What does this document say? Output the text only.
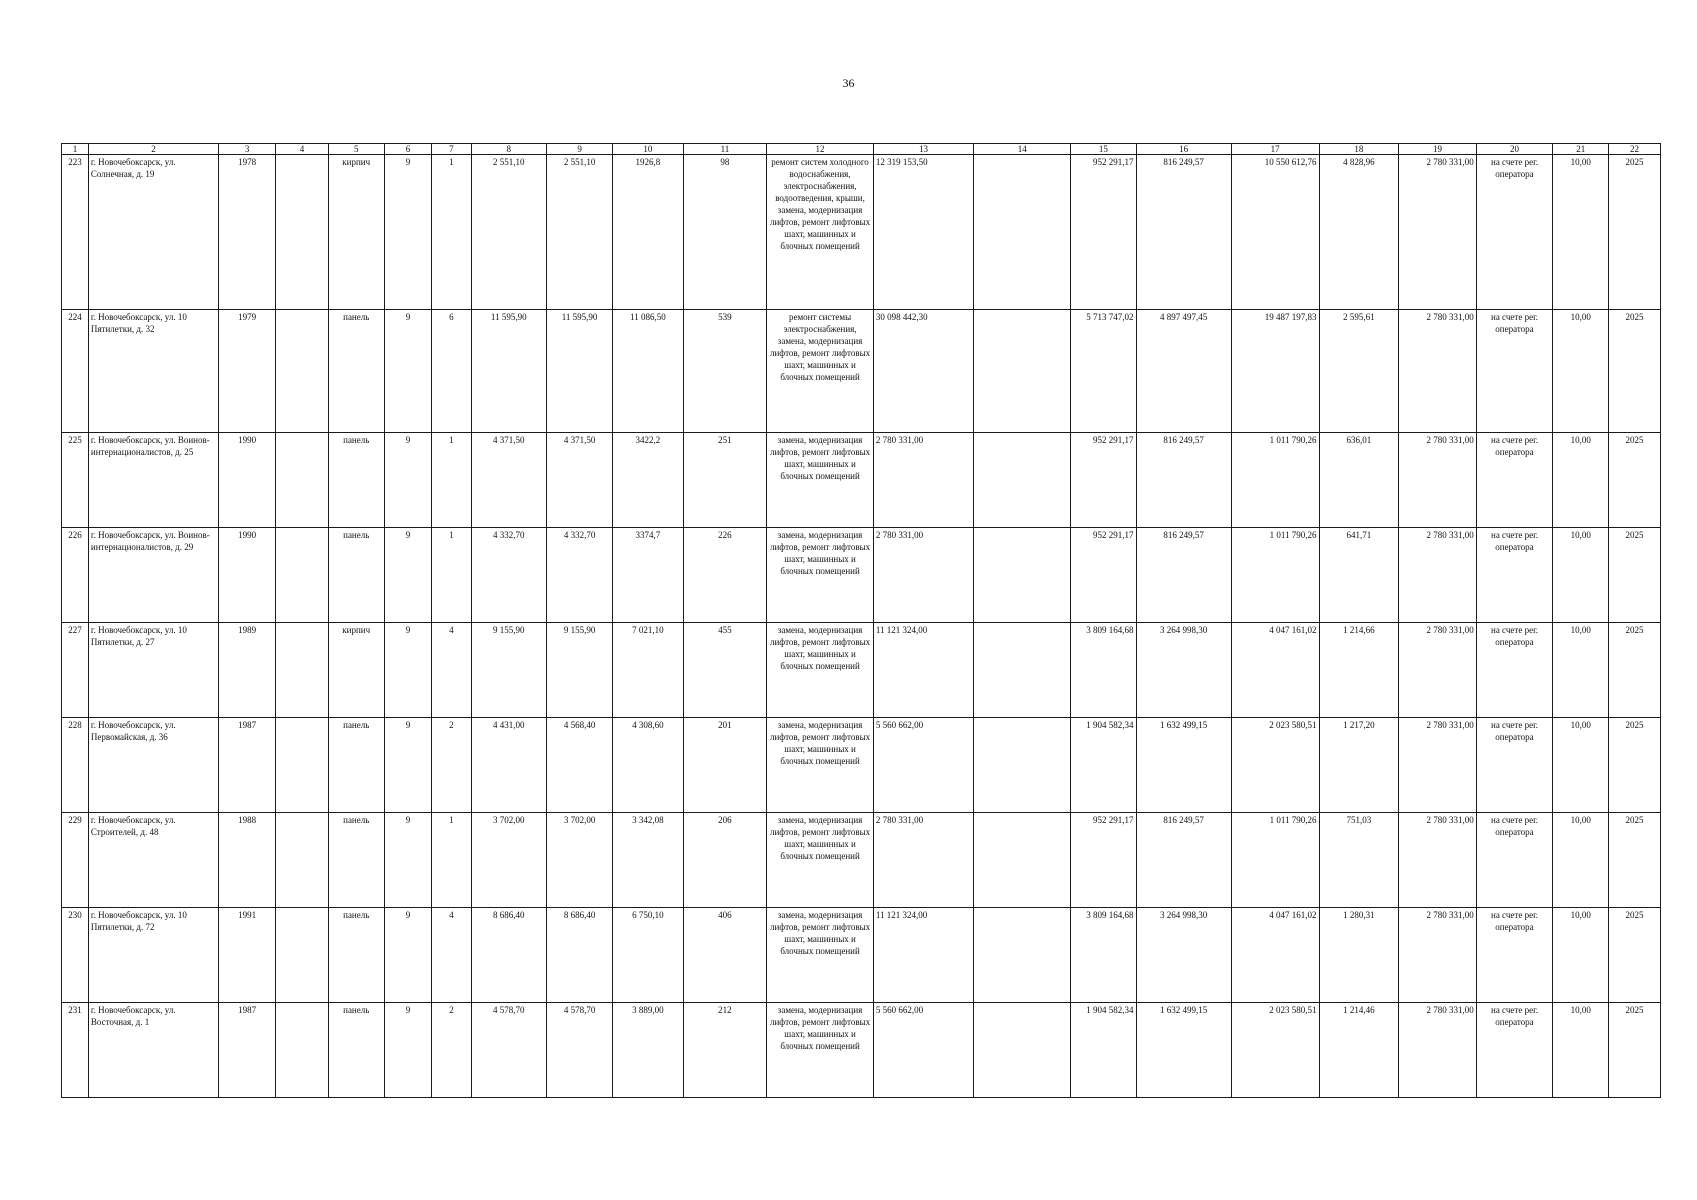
36
1	2	3	4	5	6	7	8	9	10	11	12	13	14	15	16	17	18	19	20	21	22
223	г. Новочебоксарск, ул. Солнечная, д. 19	1978		кирпич	9	1	2 551,10	2 551,10	1926,8	98	ремонт систем холодного водоснабжения, электроснабжения, водоотведения, крыши, замена, модернизация лифтов, ремонт лифтовых шахт, машинных и блочных помещений	12 319 153,50		952 291,17	816 249,57	10 550 612,76	4 828,96	2 780 331,00	на счете рег. оператора	10,00	2025
224	г. Новочебоксарск, ул. 10 Пятилетки, д. 32	1979		панель	9	6	11 595,90	11 595,90	11 086,50	539	ремонт системы электроснабжения, замена, модернизация лифтов, ремонт лифтовых шахт, машинных и блочных помещений	30 098 442,30		5 713 747,02	4 897 497,45	19 487 197,83	2 595,61	2 780 331,00	на счете рег. оператора	10,00	2025
225	г. Новочебоксарск, ул. Воинов-интернационалистов, д. 25	1990		панель	9	1	4 371,50	4 371,50	3422,2	251	замена, модернизация лифтов, ремонт лифтовых шахт, машинных и блочных помещений	2 780 331,00		952 291,17	816 249,57	1 011 790,26	636,01	2 780 331,00	на счете рег. оператора	10,00	2025
226	г. Новочебоксарск, ул. Воинов-интернационалистов, д. 29	1990		панель	9	1	4 332,70	4 332,70	3374,7	226	замена, модернизация лифтов, ремонт лифтовых шахт, машинных и блочных помещений	2 780 331,00		952 291,17	816 249,57	1 011 790,26	641,71	2 780 331,00	на счете рег. оператора	10,00	2025
227	г. Новочебоксарск, ул. 10 Пятилетки, д. 27	1989		кирпич	9	4	9 155,90	9 155,90	7 021,10	455	замена, модернизация лифтов, ремонт лифтовых шахт, машинных и блочных помещений	11 121 324,00		3 809 164,68	3 264 998,30	4 047 161,02	1 214,66	2 780 331,00	на счете рег. оператора	10,00	2025
228	г. Новочебоксарск, ул. Первомайская, д. 36	1987		панель	9	2	4 431,00	4 568,40	4 308,60	201	замена, модернизация лифтов, ремонт лифтовых шахт, машинных и блочных помещений	5 560 662,00		1 904 582,34	1 632 499,15	2 023 580,51	1 217,20	2 780 331,00	на счете рег. оператора	10,00	2025
229	г. Новочебоксарск, ул. Строителей, д. 48	1988		панель	9	1	3 702,00	3 702,00	3 342,08	206	замена, модернизация лифтов, ремонт лифтовых шахт, машинных и блочных помещений	2 780 331,00		952 291,17	816 249,57	1 011 790,26	751,03	2 780 331,00	на счете рег. оператора	10,00	2025
230	г. Новочебоксарск, ул. 10 Пятилетки, д. 72	1991		панель	9	4	8 686,40	8 686,40	6 750,10	406	замена, модернизация лифтов, ремонт лифтовых шахт, машинных и блочных помещений	11 121 324,00		3 809 164,68	3 264 998,30	4 047 161,02	1 280,31	2 780 331,00	на счете рег. оператора	10,00	2025
231	г. Новочебоксарск, ул. Восточная, д. 1	1987		панель	9	2	4 578,70	4 578,70	3 889,00	212	замена, модернизация лифтов, ремонт лифтовых шахт, машинных и блочных помещений	5 560 662,00		1 904 582,34	1 632 499,15	2 023 580,51	1 214,46	2 780 331,00	на счете рег. оператора	10,00	2025
